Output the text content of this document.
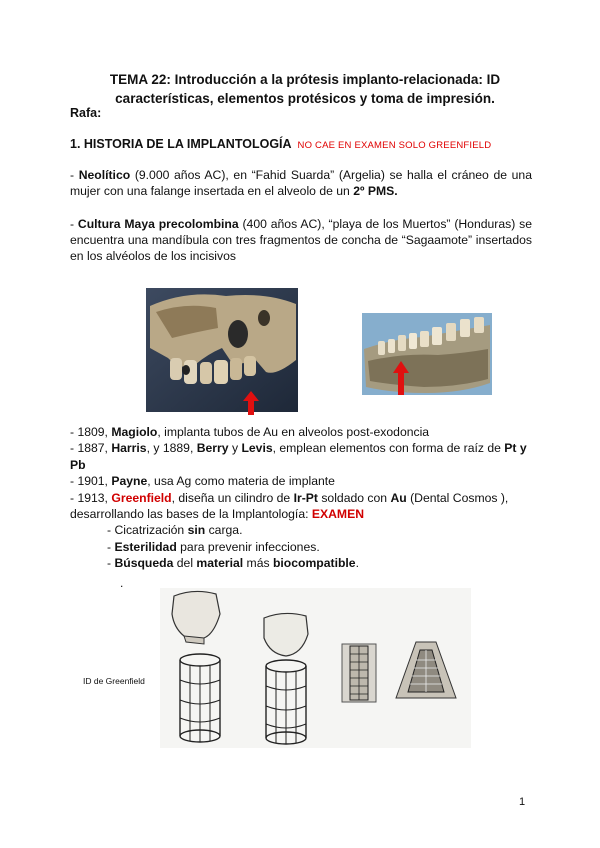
TEMA 22: Introducción a la prótesis implanto-relacionada: ID
características, elementos protésicos y toma de impresión.
Rafa:
1. HISTORIA DE LA IMPLANTOLOGÍA NO CAE EN EXAMEN SOLO GREENFIELD
- Neolítico (9.000 años AC), en “Fahid Suarda” (Argelia) se halla el cráneo de una mujer con una falange insertada en el alveolo de un 2º PMS.
- Cultura Maya precolombina (400 años AC), “playa de los Muertos” (Honduras) se encuentra una mandíbula con tres fragmentos de concha de “Sagaamote” insertados en los alvéolos de los incisivos
- 1809, Magiolo, implanta tubos de Au en alveolos post-exodoncia
- 1887, Harris, y 1889, Berry y Levis, emplean elementos con forma de raíz de Pt y Pb
- 1901, Payne, usa Ag como materia de implante
- 1913, Greenfield, diseña un cilindro de Ir-Pt soldado con Au (Dental Cosmos ), desarrollando las bases de la Implantología: EXAMEN
- Cicatrización sin carga.
- Esterilidad para prevenir infecciones.
- Búsqueda del material más biocompatible.
.
ID de Greenfield
1
